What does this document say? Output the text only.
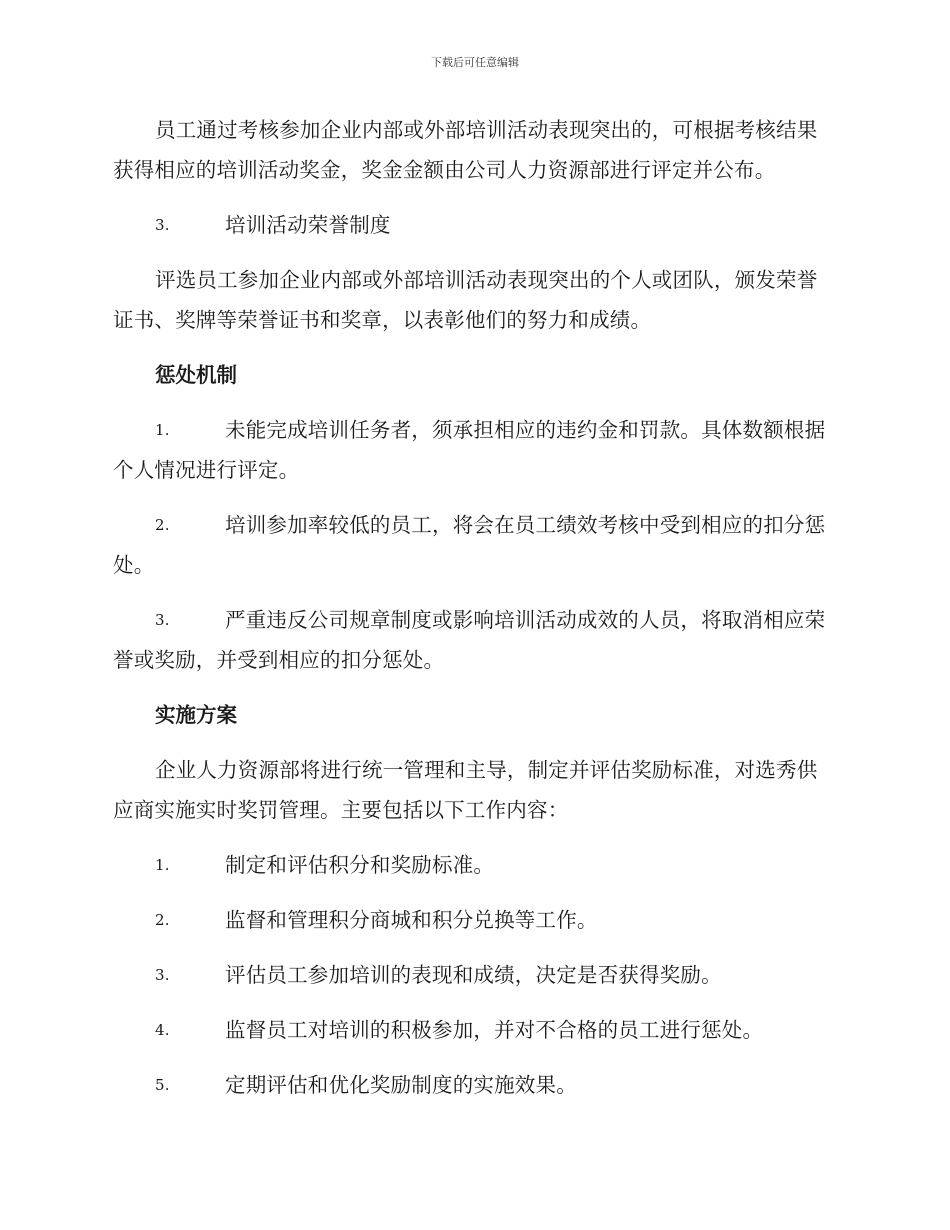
下载后可任意编辑

员工通过考核参加企业内部或外部培训活动表现突出的，可根据考核结果获得相应的培训活动奖金，奖金金额由公司人力资源部进行评定并公布。

3.	培训活动荣誉制度

评选员工参加企业内部或外部培训活动表现突出的个人或团队，颁发荣誉证书、奖牌等荣誉证书和奖章，以表彰他们的努力和成绩。

惩处机制
1.	未能完成培训任务者，须承担相应的违约金和罚款。具体数额根据个人情况进行评定。
2.	培训参加率较低的员工，将会在员工绩效考核中受到相应的扣分惩处。
3.	严重违反公司规章制度或影响培训活动成效的人员，将取消相应荣誉或奖励，并受到相应的扣分惩处。
实施方案

企业人力资源部将进行统一管理和主导，制定并评估奖励标准，对选秀供应商实施实时奖罚管理。主要包括以下工作内容：

1.	制定和评估积分和奖励标准。
2.	监督和管理积分商城和积分兑换等工作。
3.	评估员工参加培训的表现和成绩，决定是否获得奖励。
4.	监督员工对培训的积极参加，并对不合格的员工进行惩处。
5.	定期评估和优化奖励制度的实施效果。
